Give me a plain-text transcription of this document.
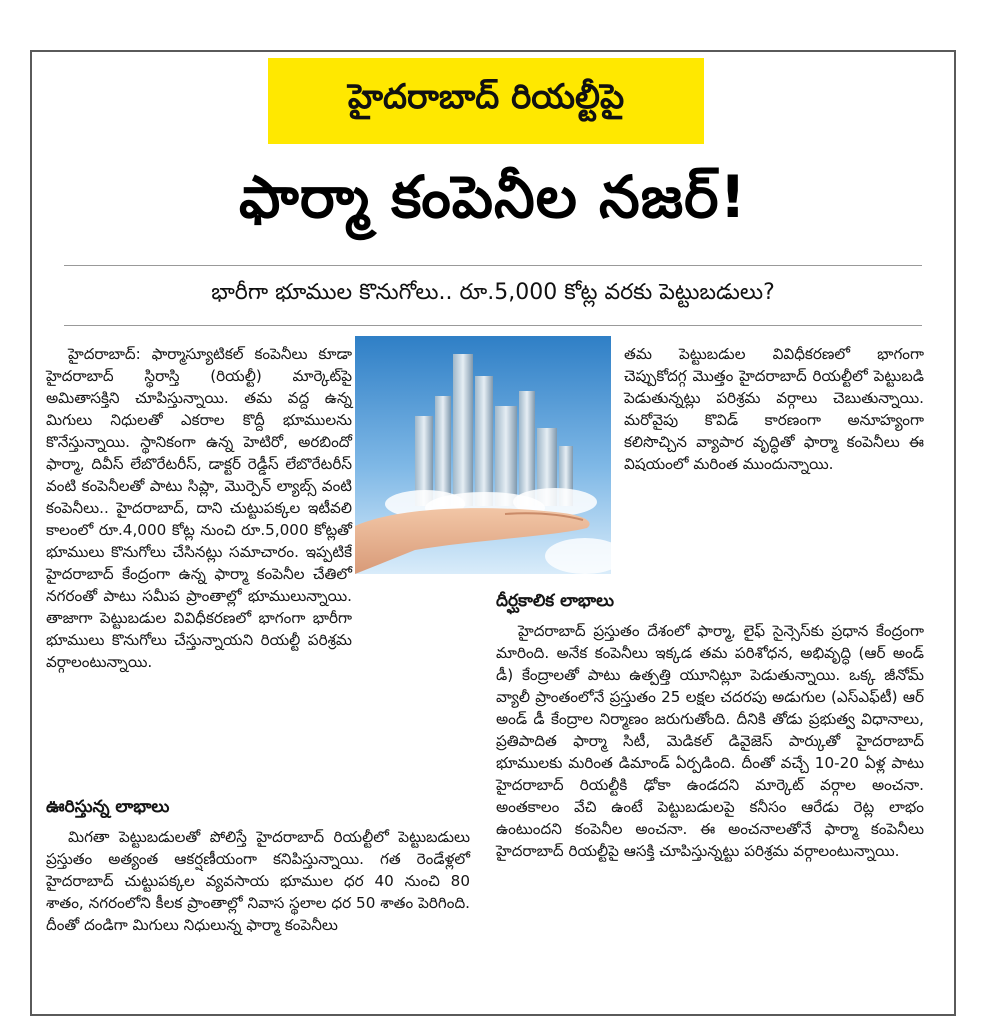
హైదరాబాద్ రియల్టీపై
ఫార్మా కంపెనీల నజర్!
భారీగా భూముల కొనుగోలు.. రూ.5,000 కోట్ల వరకు పెట్టుబడులు?

హైదరాబాద్: ఫార్మాస్యూటికల్ కంపెనీలు కూడా హైదరాబాద్ స్థిరాస్తి (రియల్టీ) మార్కెట్‌పై అమితాసక్తిని చూపిస్తున్నాయి. తమ వద్ద ఉన్న మిగులు నిధులతో ఎకరాల కొద్దీ భూములను కొనేస్తున్నాయి. స్థానికంగా ఉన్న హెటిరో, అరబిందో ఫార్మా, దివీస్ లేబొరేటరీస్, డాక్టర్ రెడ్డీస్ లేబొరేటరీస్ వంటి కంపెనీలతో పాటు సిప్లా, మొర్పెన్ ల్యాబ్స్ వంటి కంపెనీలు.. హైదరాబాద్, దాని చుట్టుపక్కల ఇటీవలి కాలంలో రూ.4,000 కోట్ల నుంచి రూ.5,000 కోట్లతో భూములు కొనుగోలు చేసినట్లు సమాచారం. ఇప్పటికే హైదరాబాద్ కేంద్రంగా ఉన్న ఫార్మా కంపెనీల చేతిలో నగరంతో పాటు సమీప ప్రాంతాల్లో భూములున్నాయి. తాజాగా పెట్టుబడుల వివిధీకరణలో భాగంగా భారీగా భూములు కొనుగోలు చేస్తున్నాయని రియల్టీ పరిశ్రమ వర్గాలంటున్నాయి.

ఊరిస్తున్న లాభాలు

మిగతా పెట్టుబడులతో పోలిస్తే హైదరాబాద్ రియల్టీలో పెట్టుబడులు ప్రస్తుతం అత్యంత ఆకర్షణీయంగా కనిపిస్తున్నాయి. గత రెండేళ్లలో హైదరాబాద్ చుట్టుపక్కల వ్యవసాయ భూముల ధర 40 నుంచి 80 శాతం, నగరంలోని కీలక ప్రాంతాల్లో నివాస స్థలాల ధర 50 శాతం పెరిగింది. దీంతో దండిగా మిగులు నిధులున్న ఫార్మా కంపెనీలు

తమ పెట్టుబడుల వివిధీకరణలో భాగంగా చెప్పుకోదగ్గ మొత్తం హైదరాబాద్ రియల్టీలో పెట్టుబడి పెడుతున్నట్లు పరిశ్రమ వర్గాలు చెబుతున్నాయి. మరోవైపు కొవిడ్ కారణంగా అనూహ్యంగా కలిసొచ్చిన వ్యాపార వృద్ధితో ఫార్మా కంపెనీలు ఈ విషయంలో మరింత ముందున్నాయి.

దీర్ఘకాలిక లాభాలు

హైదరాబాద్ ప్రస్తుతం దేశంలో ఫార్మా, లైఫ్ సైన్సెస్‌కు ప్రధాన కేంద్రంగా మారింది. అనేక కంపెనీలు ఇక్కడ తమ పరిశోధన, అభివృద్ధి (ఆర్ అండ్ డీ) కేంద్రాలతో పాటు ఉత్పత్తి యూనిట్లూ పెడుతున్నాయి. ఒక్క జీనోమ్ వ్యాలీ ప్రాంతంలోనే ప్రస్తుతం 25 లక్షల చదరపు అడుగుల (ఎస్‌ఎఫ్‌టీ) ఆర్ అండ్ డీ కేంద్రాల నిర్మాణం జరుగుతోంది. దీనికి తోడు ప్రభుత్వ విధానాలు, ప్రతిపాదిత ఫార్మా సిటీ, మెడికల్ డివైజెస్ పార్కుతో హైదరాబాద్ భూములకు మరింత డిమాండ్ ఏర్పడింది. దీంతో వచ్చే 10-20 ఏళ్ల పాటు హైదరాబాద్ రియల్టీకి ఢోకా ఉండదని మార్కెట్ వర్గాల అంచనా. అంతకాలం వేచి ఉంటే పెట్టుబడులపై కనీసం ఆరేడు రెట్ల లాభం ఉంటుందని కంపెనీల అంచనా. ఈ అంచనాలతోనే ఫార్మా కంపెనీలు హైదరాబాద్ రియల్టీపై ఆసక్తి చూపిస్తున్నట్టు పరిశ్రమ వర్గాలంటున్నాయి.
